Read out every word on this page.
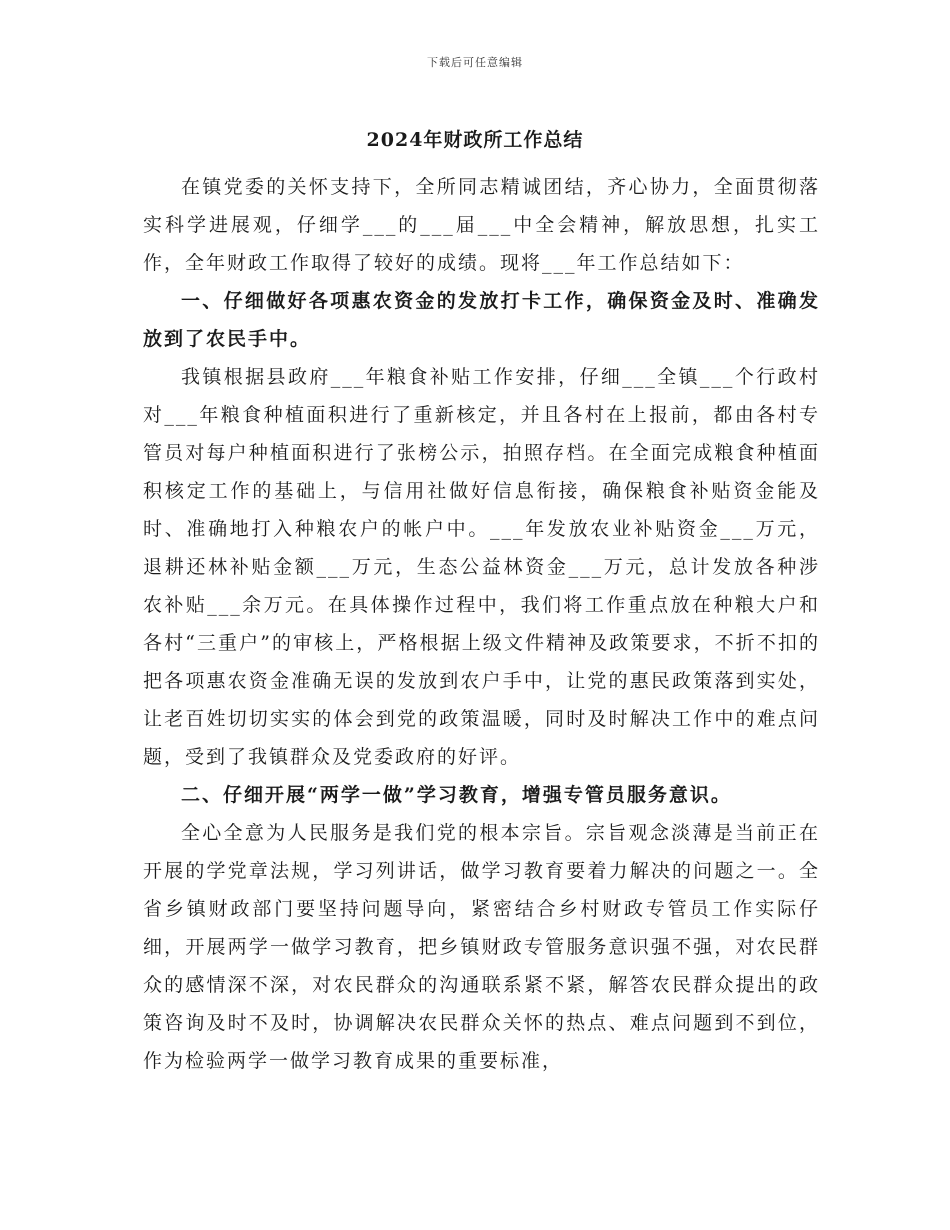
下载后可任意编辑
2024年财政所工作总结

在镇党委的关怀支持下，全所同志精诚团结，齐心协力，全面贯彻落实科学进展观，仔细学___的___届___中全会精神，解放思想，扎实工作，全年财政工作取得了较好的成绩。现将___年工作总结如下：

一、仔细做好各项惠农资金的发放打卡工作，确保资金及时、准确发放到了农民手中。

我镇根据县政府___年粮食补贴工作安排，仔细___全镇___个行政村对___年粮食种植面积进行了重新核定，并且各村在上报前，都由各村专管员对每户种植面积进行了张榜公示，拍照存档。在全面完成粮食种植面积核定工作的基础上，与信用社做好信息衔接，确保粮食补贴资金能及时、准确地打入种粮农户的帐户中。___年发放农业补贴资金___万元，退耕还林补贴金额___万元，生态公益林资金___万元，总计发放各种涉农补贴___余万元。在具体操作过程中，我们将工作重点放在种粮大户和各村“三重户”的审核上，严格根据上级文件精神及政策要求，不折不扣的把各项惠农资金准确无误的发放到农户手中，让党的惠民政策落到实处，让老百姓切切实实的体会到党的政策温暖，同时及时解决工作中的难点问题，受到了我镇群众及党委政府的好评。

二、仔细开展“两学一做”学习教育，增强专管员服务意识。

全心全意为人民服务是我们党的根本宗旨。宗旨观念淡薄是当前正在开展的学党章法规，学习列讲话，做学习教育要着力解决的问题之一。全省乡镇财政部门要坚持问题导向，紧密结合乡村财政专管员工作实际仔细，开展两学一做学习教育，把乡镇财政专管服务意识强不强，对农民群众的感情深不深，对农民群众的沟通联系紧不紧，解答农民群众提出的政策咨询及时不及时，协调解决农民群众关怀的热点、难点问题到不到位，作为检验两学一做学习教育成果的重要标准，
